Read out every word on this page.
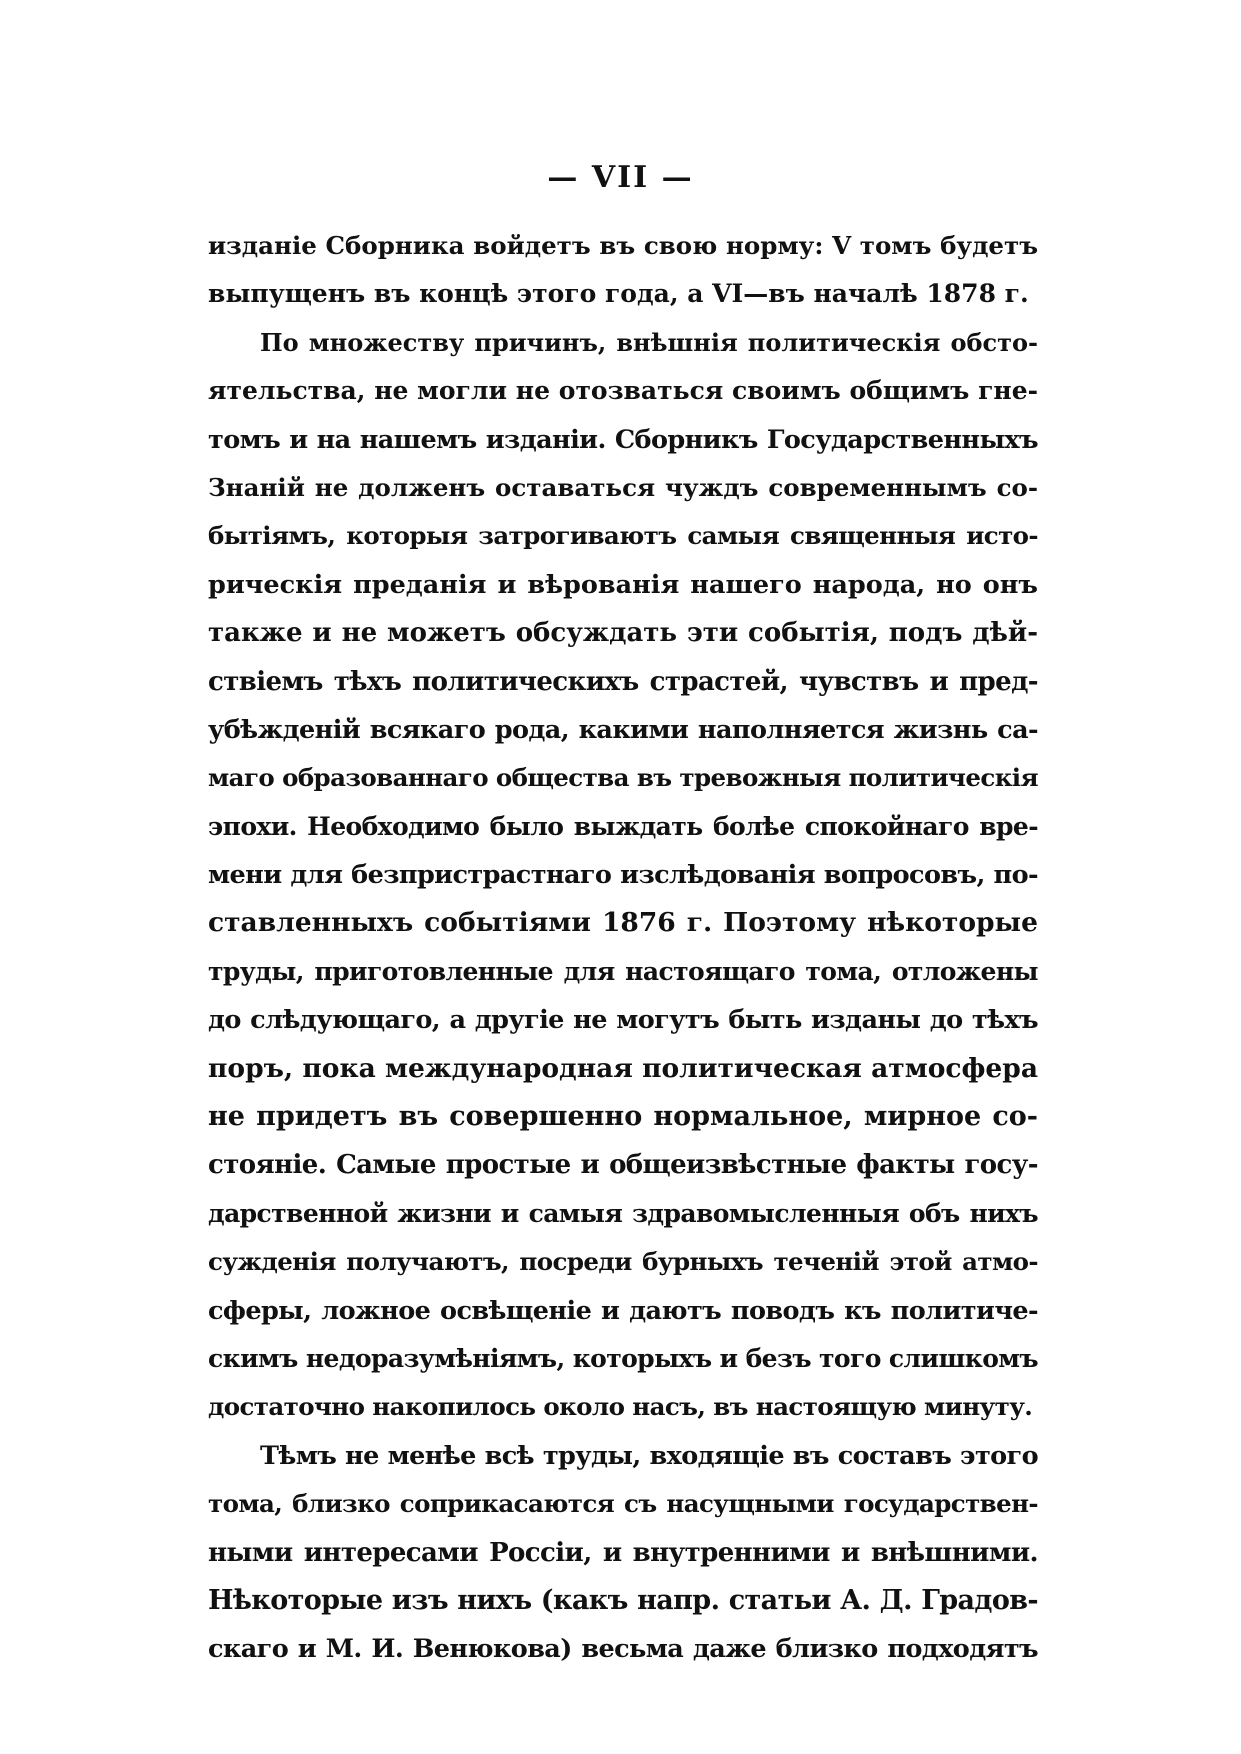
— VII —
изданіе Сборника войдетъ въ свою норму: V томъ будетъ
выпущенъ въ концѣ этого года, а VI—въ началѣ 1878 г.
По множеству причинъ, внѣшнія политическія обсто-
ятельства, не могли не отозваться своимъ общимъ гне-
томъ и на нашемъ изданіи. Сборникъ Государственныхъ
Знаній не долженъ оставаться чуждъ современнымъ со-
бытіямъ, которыя затрогиваютъ самыя священныя исто-
рическія преданія и вѣрованія нашего народа, но онъ
также и не можетъ обсуждать эти событія, подъ дѣй-
ствіемъ тѣхъ политическихъ страстей, чувствъ и пред-
убѣжденій всякаго рода, какими наполняется жизнь са-
маго образованнаго общества въ тревожныя политическія
эпохи. Необходимо было выждать болѣе спокойнаго вре-
мени для безпристрастнаго изслѣдованія вопросовъ, по-
ставленныхъ событіями 1876 г. Поэтому нѣкоторые
труды, приготовленные для настоящаго тома, отложены
до слѣдующаго, а другіе не могутъ быть изданы до тѣхъ
поръ, пока международная политическая атмосфера
не придетъ въ совершенно нормальное, мирное со-
стояніе. Самые простые и общеизвѣстные факты госу-
дарственной жизни и самыя здравомысленныя объ нихъ
сужденія получаютъ, посреди бурныхъ теченій этой атмо-
сферы, ложное освѣщеніе и даютъ поводъ къ политиче-
скимъ недоразумѣніямъ, которыхъ и безъ того слишкомъ
достаточно накопилось около насъ, въ настоящую минуту.
Тѣмъ не менѣе всѣ труды, входящіе въ составъ этого
тома, близко соприкасаются съ насущными государствен-
ными интересами Россіи, и внутренними и внѣшними.
Нѣкоторые изъ нихъ (какъ напр. статьи А. Д. Градов-
скаго и М. И. Венюкова) весьма даже близко подходятъ
